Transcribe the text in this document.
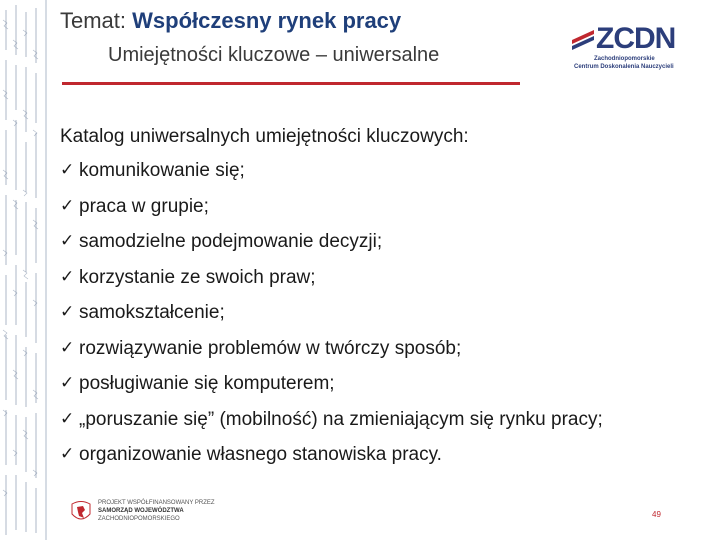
Temat: Współczesny rynek pracy
Umiejętności kluczowe – uniwersalne	ZCDN
Zachodniopomorskie
Centrum Doskonalenia Nauczycieli
Katalog uniwersalnych umiejętności kluczowych:
✓ komunikowanie się;
✓ praca w grupie;
✓ samodzielne podejmowanie decyzji;
✓ korzystanie ze swoich praw;
✓ samokształcenie;
✓ rozwiązywanie problemów w twórczy sposób;
✓ posługiwanie się komputerem;
✓ „poruszanie się” (mobilność) na zmieniającym się rynku pracy;
✓ organizowanie własnego stanowiska pracy.
PROJEKT WSPÓŁFINANSOWANY PRZEZ
SAMORZĄD WOJEWÓDZTWA
ZACHODNIOPOMORSKIEGO	49
